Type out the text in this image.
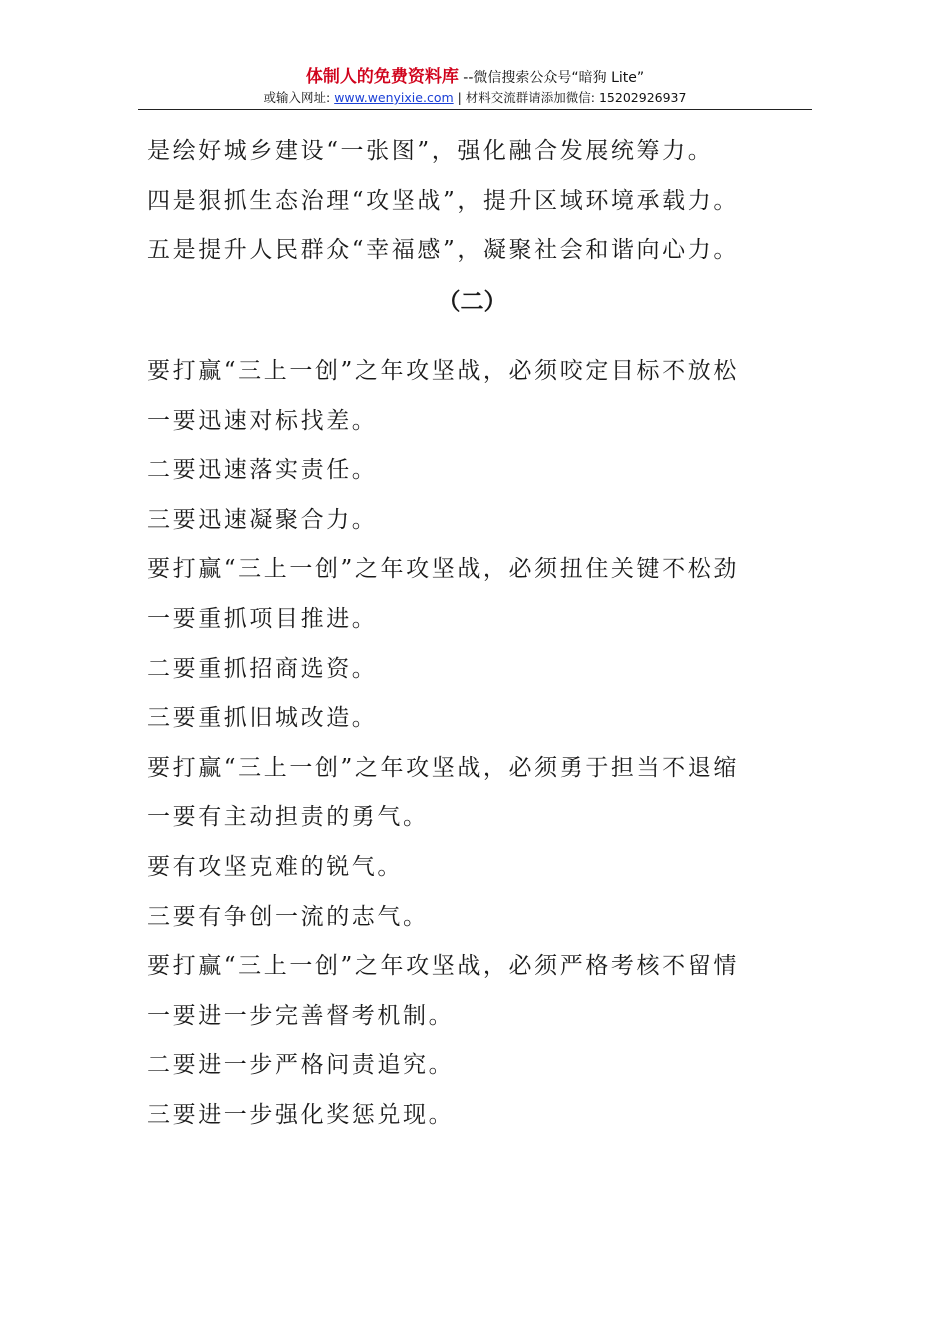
体制人的免费资料库 --微信搜索公众号“暗狗 Lite”
或输入网址: www.wenyixie.com | 材料交流群请添加微信: 15202926937
是绘好城乡建设“一张图”，强化融合发展统筹力。
四是狠抓生态治理“攻坚战”，提升区域环境承载力。
五是提升人民群众“幸福感”，凝聚社会和谐向心力。
（二）
要打赢“三上一创”之年攻坚战，必须咬定目标不放松
一要迅速对标找差。
二要迅速落实责任。
三要迅速凝聚合力。
要打赢“三上一创”之年攻坚战，必须扭住关键不松劲
一要重抓项目推进。
二要重抓招商选资。
三要重抓旧城改造。
要打赢“三上一创”之年攻坚战，必须勇于担当不退缩
一要有主动担责的勇气。
要有攻坚克难的锐气。
三要有争创一流的志气。
要打赢“三上一创”之年攻坚战，必须严格考核不留情
一要进一步完善督考机制。
二要进一步严格问责追究。
三要进一步强化奖惩兑现。
